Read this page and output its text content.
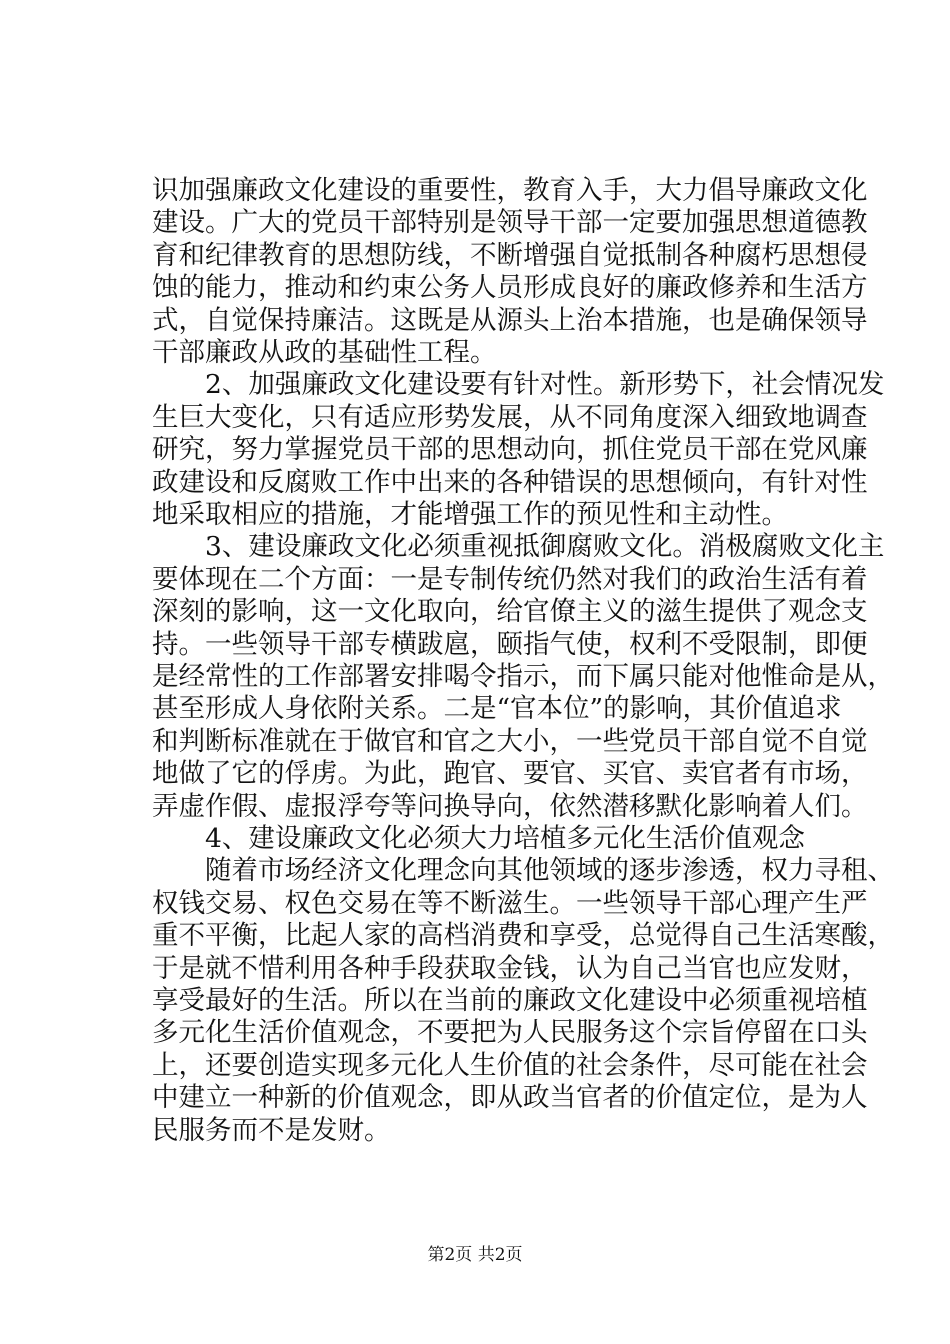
识加强廉政文化建设的重要性，教育入手，大力倡导廉政文化
建设。广大的党员干部特别是领导干部一定要加强思想道德教
育和纪律教育的思想防线，不断增强自觉抵制各种腐朽思想侵
蚀的能力，推动和约束公务人员形成良好的廉政修养和生活方
式，自觉保持廉洁。这既是从源头上治本措施，也是确保领导
干部廉政从政的基础性工程。
　　2、加强廉政文化建设要有针对性。新形势下，社会情况发
生巨大变化，只有适应形势发展，从不同角度深入细致地调查
研究，努力掌握党员干部的思想动向，抓住党员干部在党风廉
政建设和反腐败工作中出来的各种错误的思想倾向，有针对性
地采取相应的措施，才能增强工作的预见性和主动性。
　　3、建设廉政文化必须重视抵御腐败文化。消极腐败文化主
要体现在二个方面：一是专制传统仍然对我们的政治生活有着
深刻的影响，这一文化取向，给官僚主义的滋生提供了观念支
持。一些领导干部专横跋扈，颐指气使，权利不受限制，即便
是经常性的工作部署安排喝令指示，而下属只能对他惟命是从，
甚至形成人身依附关系。二是“官本位”的影响，其价值追求
和判断标准就在于做官和官之大小，一些党员干部自觉不自觉
地做了它的俘虏。为此，跑官、要官、买官、卖官者有市场，
弄虚作假、虚报浮夸等问换导向，依然潜移默化影响着人们。
　　4、建设廉政文化必须大力培植多元化生活价值观念
　　随着市场经济文化理念向其他领域的逐步渗透，权力寻租、
权钱交易、权色交易在等不断滋生。一些领导干部心理产生严
重不平衡，比起人家的高档消费和享受，总觉得自己生活寒酸，
于是就不惜利用各种手段获取金钱，认为自己当官也应发财，
享受最好的生活。所以在当前的廉政文化建设中必须重视培植
多元化生活价值观念，不要把为人民服务这个宗旨停留在口头
上，还要创造实现多元化人生价值的社会条件，尽可能在社会
中建立一种新的价值观念，即从政当官者的价值定位，是为人
民服务而不是发财。
第2页 共2页
